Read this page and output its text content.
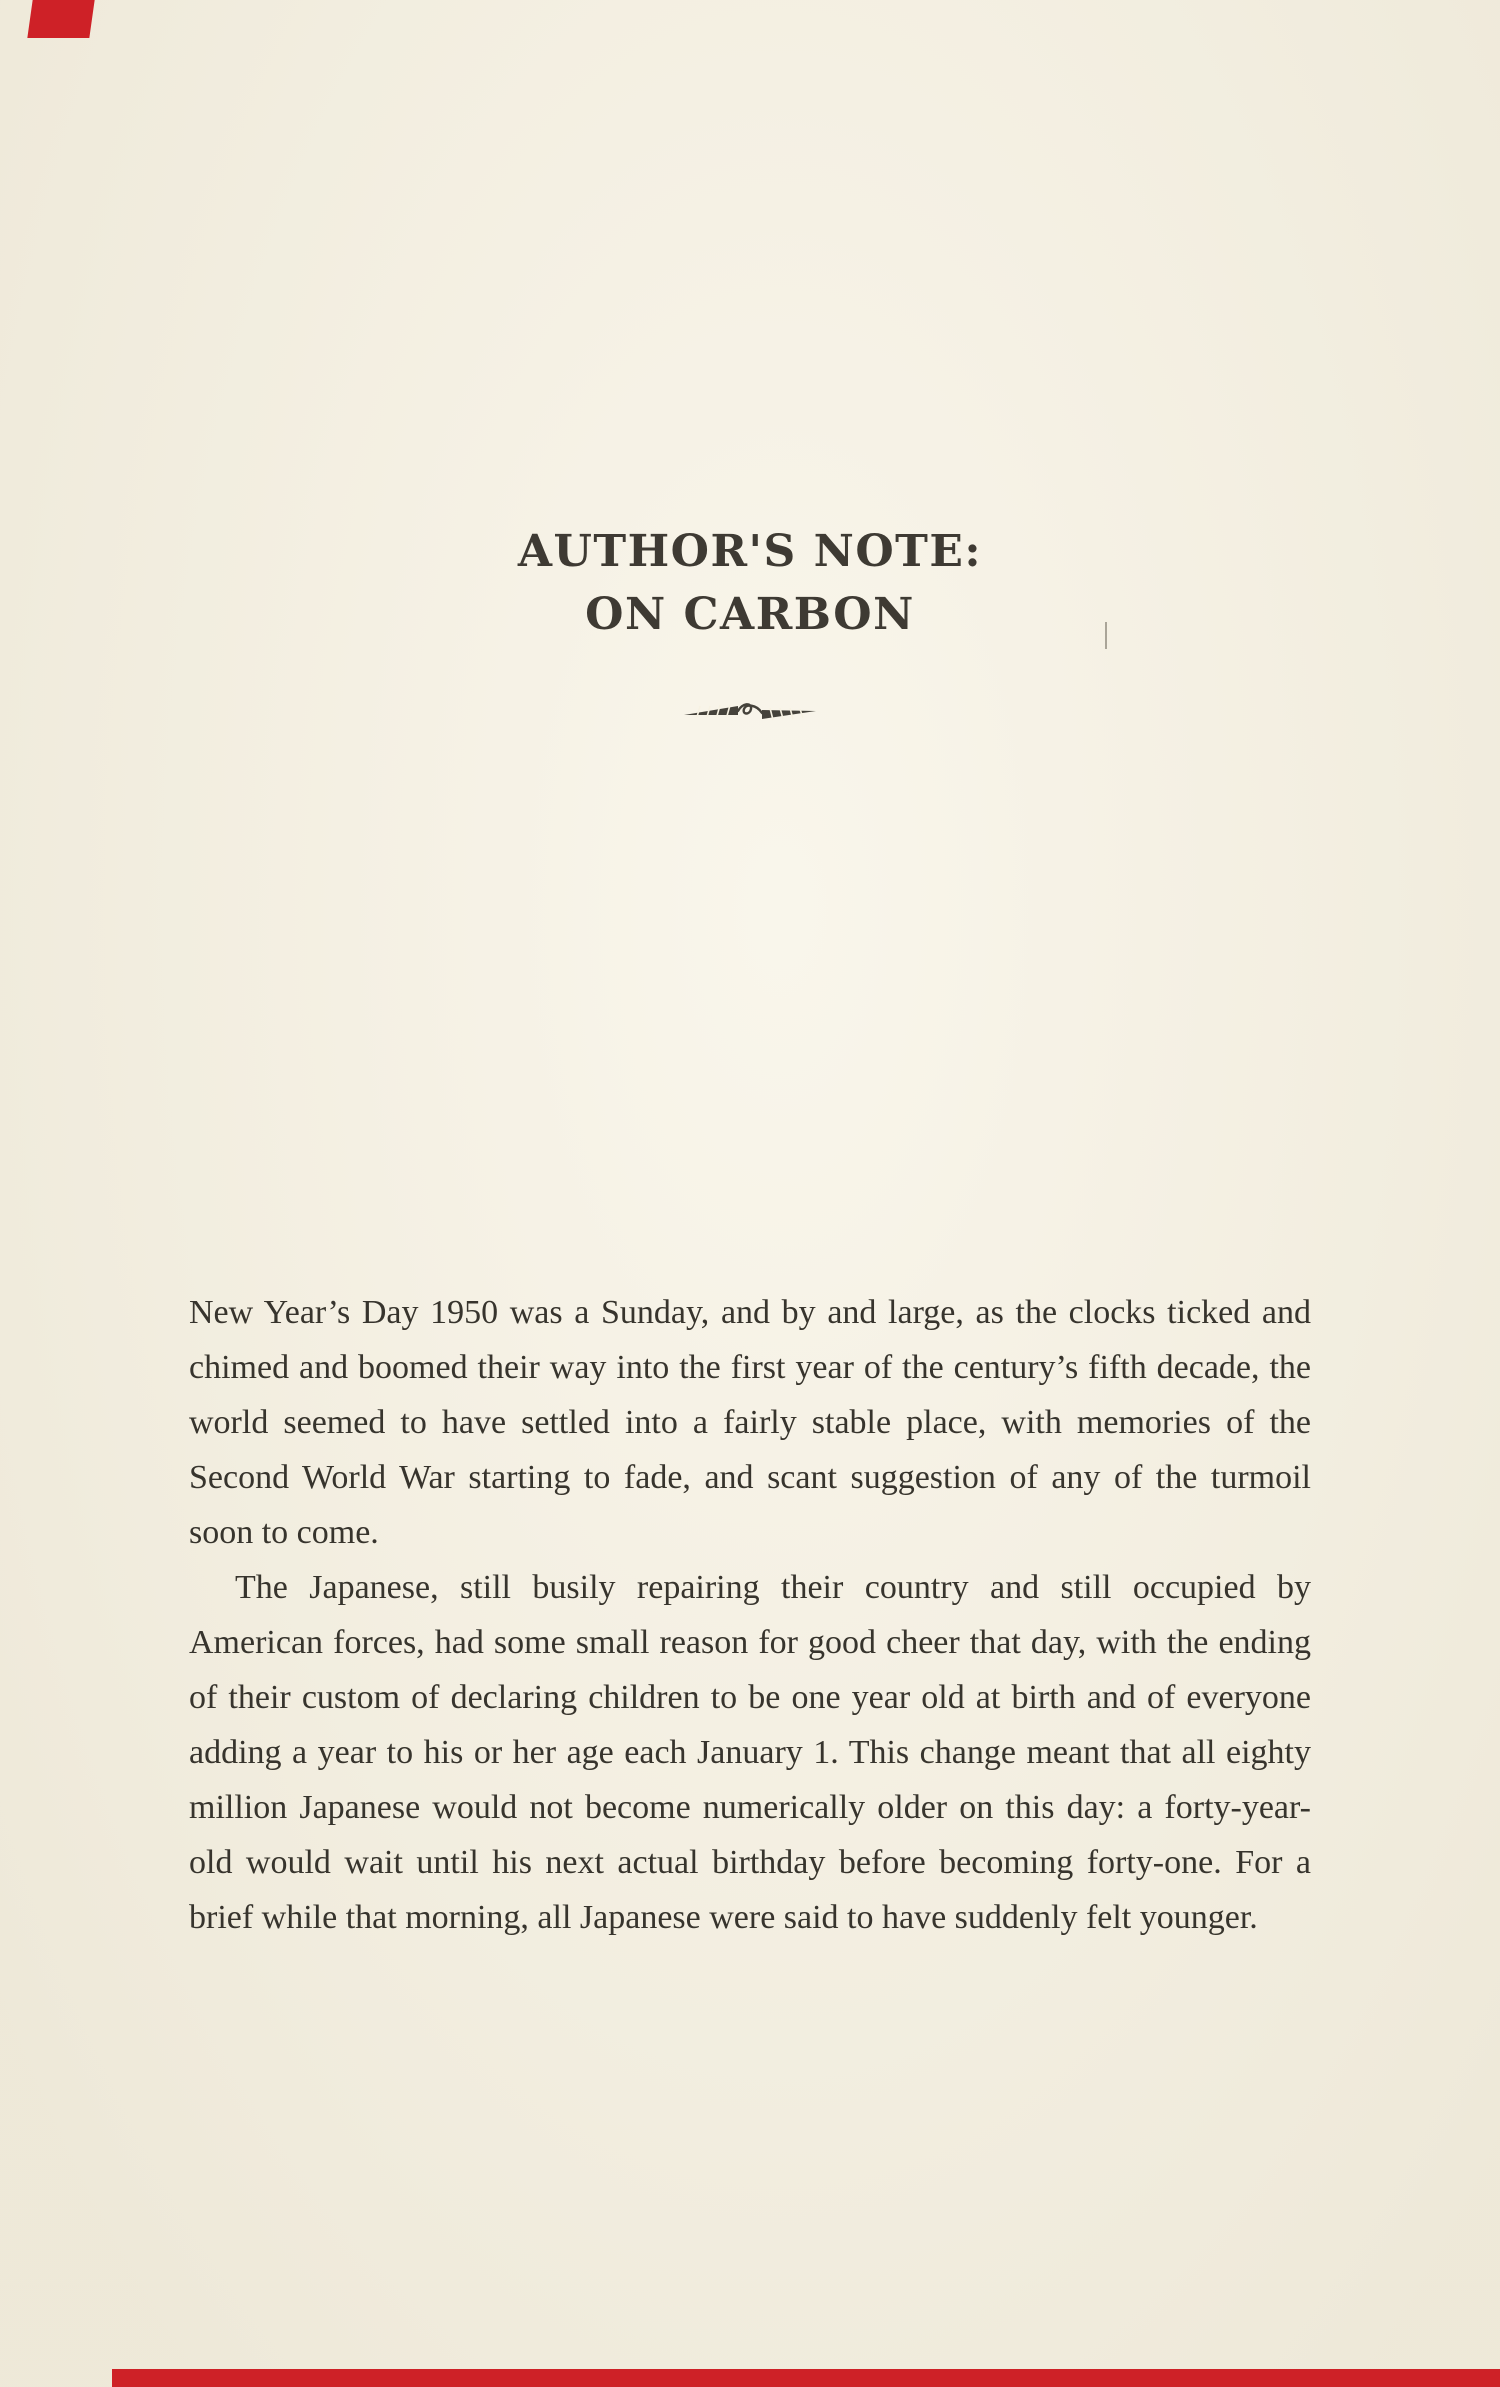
AUTHOR'S NOTE:
ON CARBON

New Year’s Day 1950 was a Sunday, and by and large, as the clocks ticked and chimed and boomed their way into the first year of the century’s fifth decade, the world seemed to have settled into a fairly stable place, with memories of the Second World War starting to fade, and scant suggestion of any of the turmoil soon to come.

The Japanese, still busily repairing their country and still occupied by American forces, had some small reason for good cheer that day, with the ending of their custom of declaring children to be one year old at birth and of everyone adding a year to his or her age each January 1. This change meant that all eighty million Japanese would not become numerically older on this day: a forty-year-old would wait until his next actual birthday before becoming forty-one. For a brief while that morning, all Japanese were said to have suddenly felt younger.
